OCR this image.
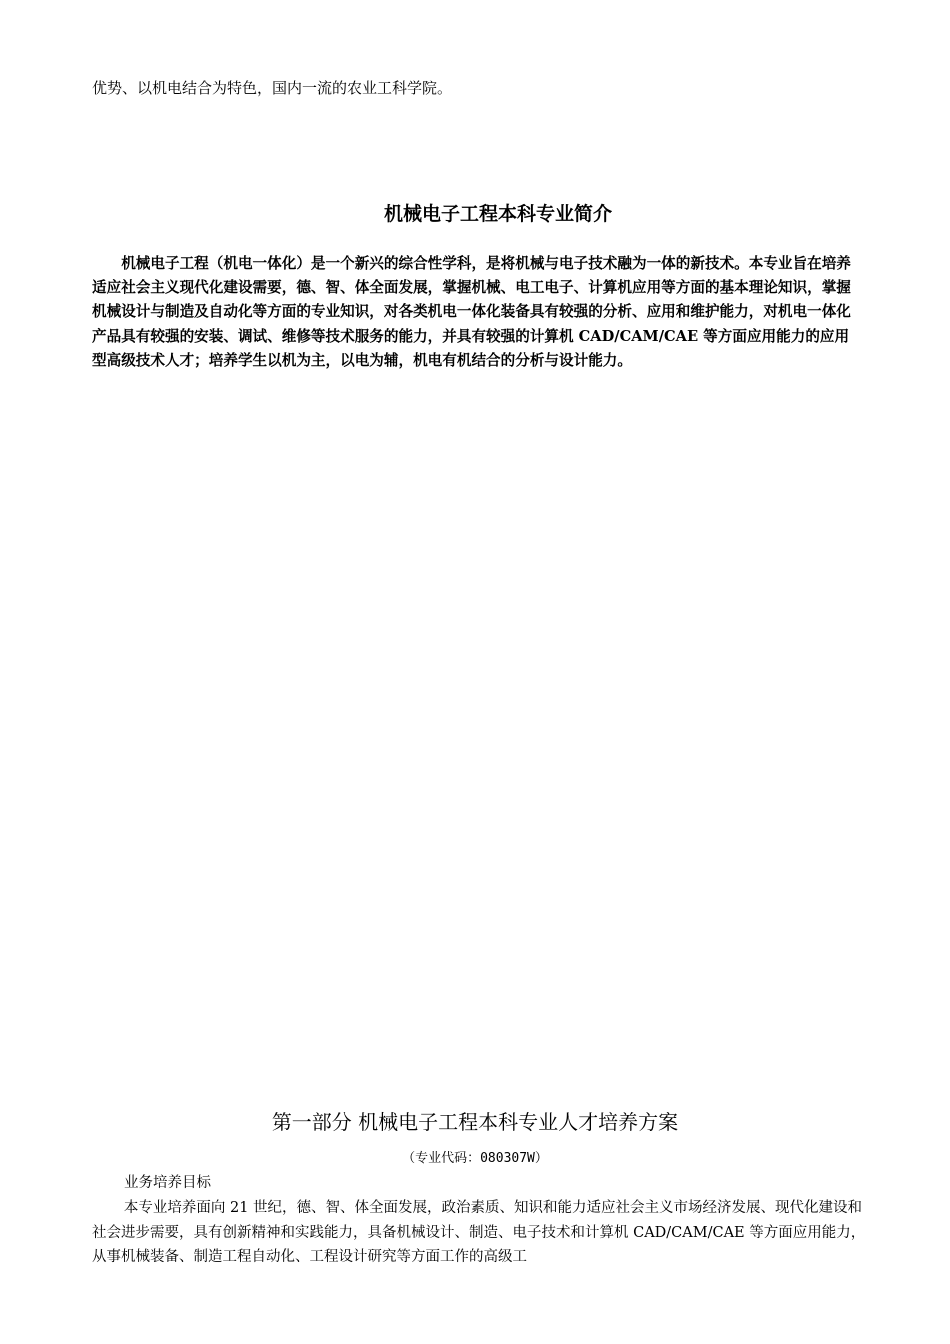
优势、以机电结合为特色，国内一流的农业工科学院。
机械电子工程本科专业简介

机械电子工程（机电一体化）是一个新兴的综合性学科，是将机械与电子技术融为一体的新技术。本专业旨在培养适应社会主义现代化建设需要，德、智、体全面发展，掌握机械、电工电子、计算机应用等方面的基本理论知识，掌握机械设计与制造及自动化等方面的专业知识，对各类机电一体化装备具有较强的分析、应用和维护能力，对机电一体化产品具有较强的安装、调试、维修等技术服务的能力，并具有较强的计算机 CAD/CAM/CAE 等方面应用能力的应用型高级技术人才；培养学生以机为主，以电为辅，机电有机结合的分析与设计能力。

第一部分 机械电子工程本科专业人才培养方案
（专业代码：080307W）
业务培养目标

本专业培养面向 21 世纪，德、智、体全面发展，政治素质、知识和能力适应社会主义市场经济发展、现代化建设和社会进步需要，具有创新精神和实践能力，具备机械设计、制造、电子技术和计算机 CAD/CAM/CAE 等方面应用能力，从事机械装备、制造工程自动化、工程设计研究等方面工作的高级工
